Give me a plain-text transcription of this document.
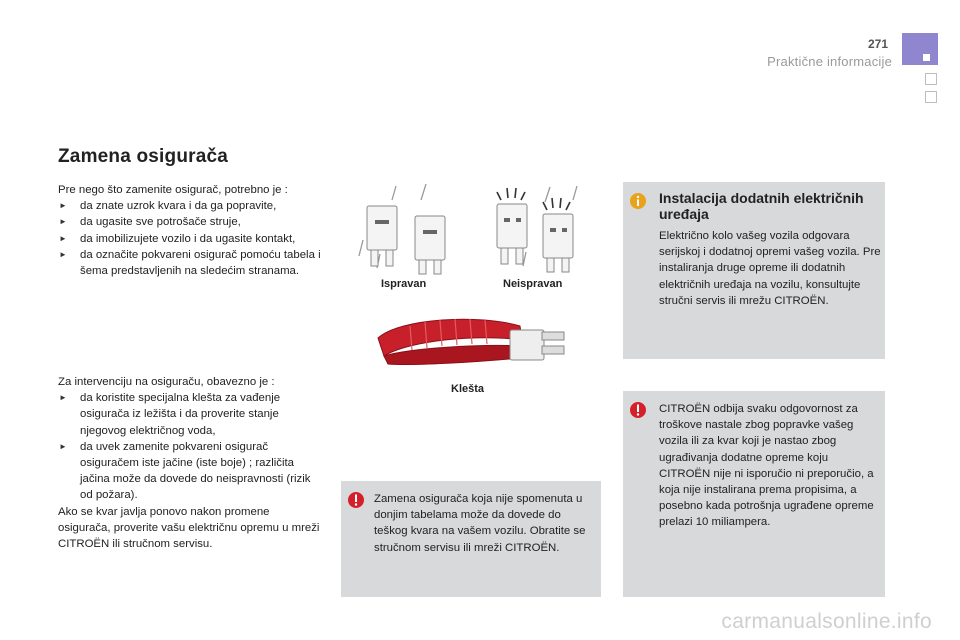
271
Praktične informacije
Zamena osigurača
Pre nego što zamenite osigurač, potrebno je :
► da znate uzrok kvara i da ga popravite,
► da ugasite sve potrošače struje,
► da imobilizujete vozilo i da ugasite kontakt,
► da označite pokvareni osigurač pomoću tabela i šema predstavljenih na sledećim stranama.
Za intervenciju na osiguraču, obavezno je :
► da koristite specijalna klešta za vađenje osigurača iz ležišta i da proverite stanje njegovog električnog voda,
► da uvek zamenite pokvareni osigurač osiguračem iste jačine (iste boje) ; različita jačina može da dovede do neispravnosti (rizik od požara).
Ako se kvar javlja ponovo nakon promene osigurača, proverite vašu električnu opremu u mreži CITROËN ili stručnom servisu.
Ispravan	Neispravan
Klešta
Instalacija dodatnih električnih uređaja
Električno kolo vašeg vozila odgovara serijskoj i dodatnoj opremi vašeg vozila. Pre instaliranja druge opreme ili dodatnih električnih uređaja na vozilu, konsultujte stručni servis ili mrežu CITROËN.
CITROËN odbija svaku odgovornost za troškove nastale zbog popravke vašeg vozila ili za kvar koji je nastao zbog ugrađivanja dodatne opreme koju CITROËN nije ni isporučio ni preporučio, a koja nije instalirana prema propisima, a posebno kada potrošnja ugrađene opreme prelazi 10 miliampera.
Zamena osigurača koja nije spomenuta u donjim tabelama može da dovede do teškog kvara na vašem vozilu. Obratite se stručnom servisu ili mreži CITROËN.
carmanualsonline.info
